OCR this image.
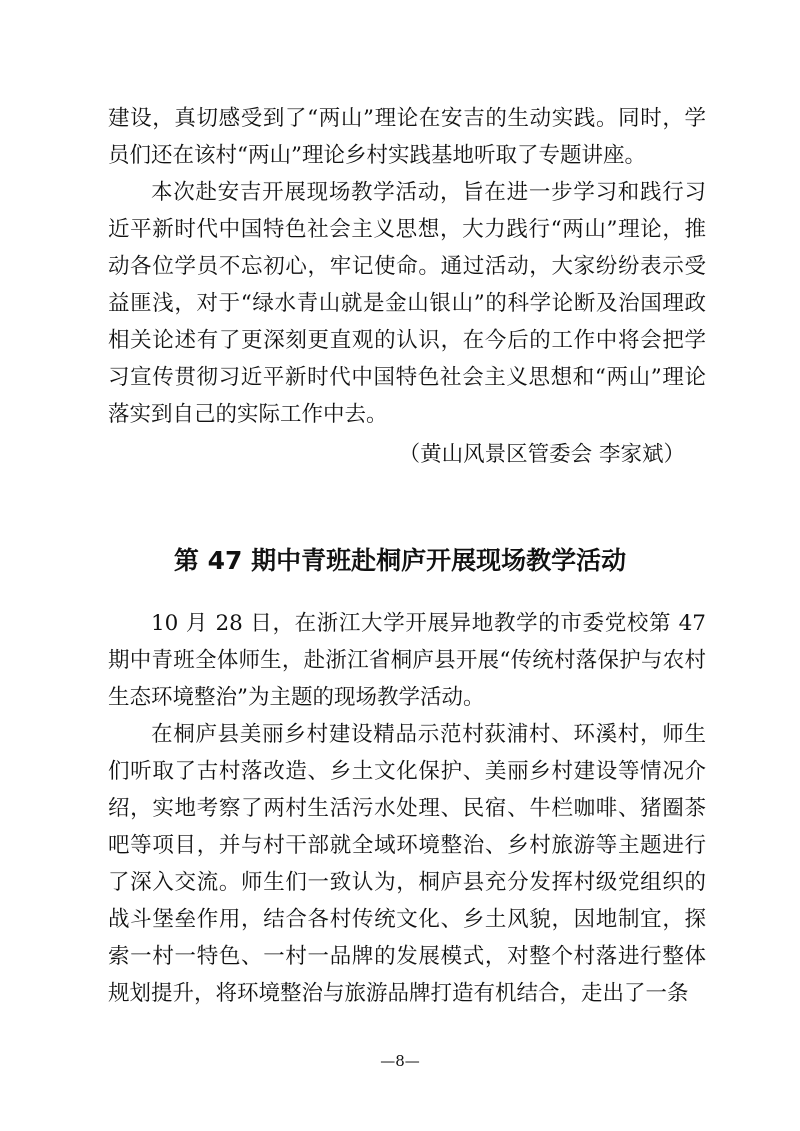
建设，真切感受到了“两山”理论在安吉的生动实践。同时，学员们还在该村“两山”理论乡村实践基地听取了专题讲座。

本次赴安吉开展现场教学活动，旨在进一步学习和践行习近平新时代中国特色社会主义思想，大力践行“两山”理论，推动各位学员不忘初心，牢记使命。通过活动，大家纷纷表示受益匪浅，对于“绿水青山就是金山银山”的科学论断及治国理政相关论述有了更深刻更直观的认识，在今后的工作中将会把学习宣传贯彻习近平新时代中国特色社会主义思想和“两山”理论落实到自己的实际工作中去。

（黄山风景区管委会 李家斌）

第 47 期中青班赴桐庐开展现场教学活动

10 月 28 日，在浙江大学开展异地教学的市委党校第 47 期中青班全体师生，赴浙江省桐庐县开展“传统村落保护与农村生态环境整治”为主题的现场教学活动。

在桐庐县美丽乡村建设精品示范村荻浦村、环溪村，师生们听取了古村落改造、乡土文化保护、美丽乡村建设等情况介绍，实地考察了两村生活污水处理、民宿、牛栏咖啡、猪圈茶吧等项目，并与村干部就全域环境整治、乡村旅游等主题进行了深入交流。师生们一致认为，桐庐县充分发挥村级党组织的战斗堡垒作用，结合各村传统文化、乡土风貌，因地制宜，探索一村一特色、一村一品牌的发展模式，对整个村落进行整体规划提升，将环境整治与旅游品牌打造有机结合，走出了一条

—8—
